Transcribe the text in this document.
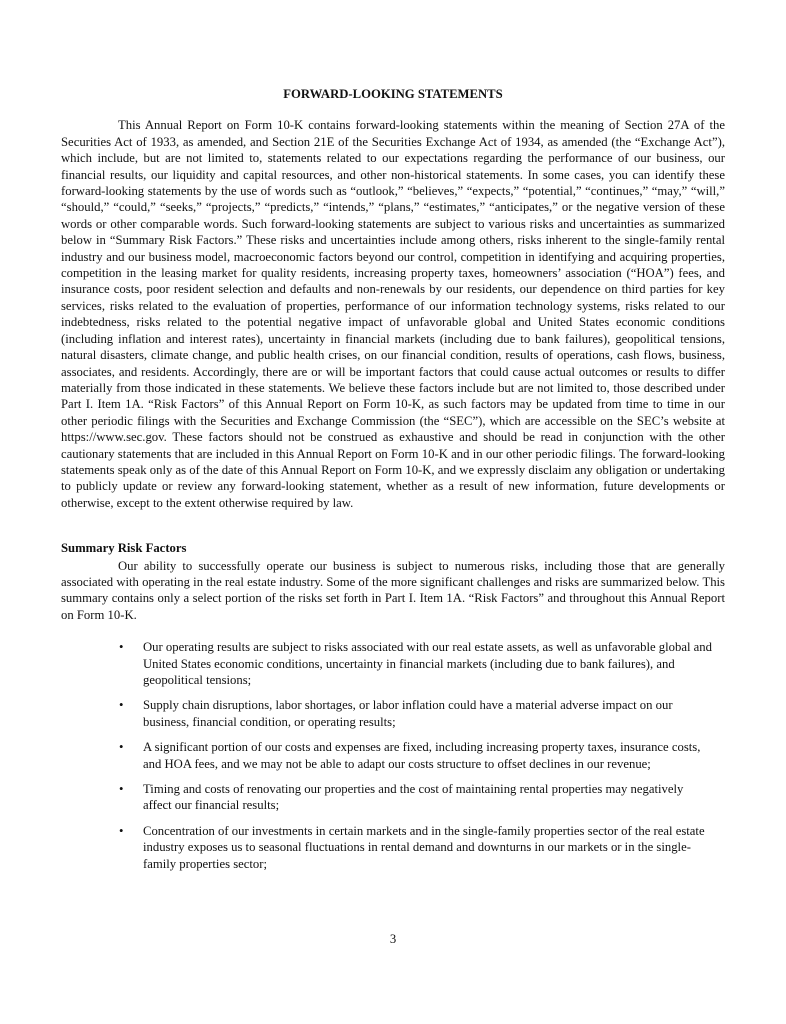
FORWARD-LOOKING STATEMENTS

This Annual Report on Form 10-K contains forward-looking statements within the meaning of Section 27A of the Securities Act of 1933, as amended, and Section 21E of the Securities Exchange Act of 1934, as amended (the “Exchange Act”), which include, but are not limited to, statements related to our expectations regarding the performance of our business, our financial results, our liquidity and capital resources, and other non-historical statements. In some cases, you can identify these forward-looking statements by the use of words such as “outlook,” “believes,” “expects,” “potential,” “continues,” “may,” “will,” “should,” “could,” “seeks,” “projects,” “predicts,” “intends,” “plans,” “estimates,” “anticipates,” or the negative version of these words or other comparable words. Such forward-looking statements are subject to various risks and uncertainties as summarized below in “Summary Risk Factors.” These risks and uncertainties include among others, risks inherent to the single-family rental industry and our business model, macroeconomic factors beyond our control, competition in identifying and acquiring properties, competition in the leasing market for quality residents, increasing property taxes, homeowners’ association (“HOA”) fees, and insurance costs, poor resident selection and defaults and non-renewals by our residents, our dependence on third parties for key services, risks related to the evaluation of properties, performance of our information technology systems, risks related to our indebtedness, risks related to the potential negative impact of unfavorable global and United States economic conditions (including inflation and interest rates), uncertainty in financial markets (including due to bank failures), geopolitical tensions, natural disasters, climate change, and public health crises, on our financial condition, results of operations, cash flows, business, associates, and residents. Accordingly, there are or will be important factors that could cause actual outcomes or results to differ materially from those indicated in these statements. We believe these factors include but are not limited to, those described under Part I. Item 1A. “Risk Factors” of this Annual Report on Form 10-K, as such factors may be updated from time to time in our other periodic filings with the Securities and Exchange Commission (the “SEC”), which are accessible on the SEC’s website at https://www.sec.gov. These factors should not be construed as exhaustive and should be read in conjunction with the other cautionary statements that are included in this Annual Report on Form 10-K and in our other periodic filings. The forward-looking statements speak only as of the date of this Annual Report on Form 10-K, and we expressly disclaim any obligation or undertaking to publicly update or review any forward-looking statement, whether as a result of new information, future developments or otherwise, except to the extent otherwise required by law.

Summary Risk Factors

Our ability to successfully operate our business is subject to numerous risks, including those that are generally associated with operating in the real estate industry. Some of the more significant challenges and risks are summarized below. This summary contains only a select portion of the risks set forth in Part I. Item 1A. “Risk Factors” and throughout this Annual Report on Form 10-K.

• Our operating results are subject to risks associated with our real estate assets, as well as unfavorable global and United States economic conditions, uncertainty in financial markets (including due to bank failures), and geopolitical tensions;
• Supply chain disruptions, labor shortages, or labor inflation could have a material adverse impact on our business, financial condition, or operating results;
• A significant portion of our costs and expenses are fixed, including increasing property taxes, insurance costs, and HOA fees, and we may not be able to adapt our costs structure to offset declines in our revenue;
• Timing and costs of renovating our properties and the cost of maintaining rental properties may negatively affect our financial results;
• Concentration of our investments in certain markets and in the single-family properties sector of the real estate industry exposes us to seasonal fluctuations in rental demand and downturns in our markets or in the single-family properties sector;
3
